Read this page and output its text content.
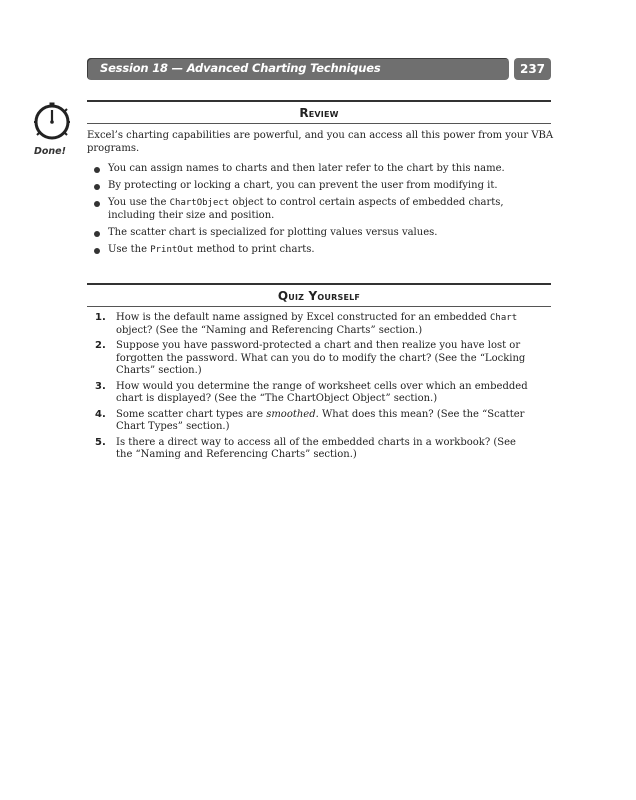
Session 18 — Advanced Charting Techniques	237
Done!
Review
Excel’s charting capabilities are powerful, and you can access all this power from your VBA programs.
You can assign names to charts and then later refer to the chart by this name.
By protecting or locking a chart, you can prevent the user from modifying it.
You use the ChartObject object to control certain aspects of embedded charts, including their size and position.
The scatter chart is specialized for plotting values versus values.
Use the PrintOut method to print charts.
Quiz Yourself
1. How is the default name assigned by Excel constructed for an embedded Chart object? (See the “Naming and Referencing Charts” section.)
2. Suppose you have password-protected a chart and then realize you have lost or forgotten the password. What can you do to modify the chart? (See the “Locking Charts” section.)
3. How would you determine the range of worksheet cells over which an embedded chart is displayed? (See the “The ChartObject Object” section.)
4. Some scatter chart types are smoothed. What does this mean? (See the “Scatter Chart Types” section.)
5. Is there a direct way to access all of the embedded charts in a workbook? (See the “Naming and Referencing Charts” section.)
